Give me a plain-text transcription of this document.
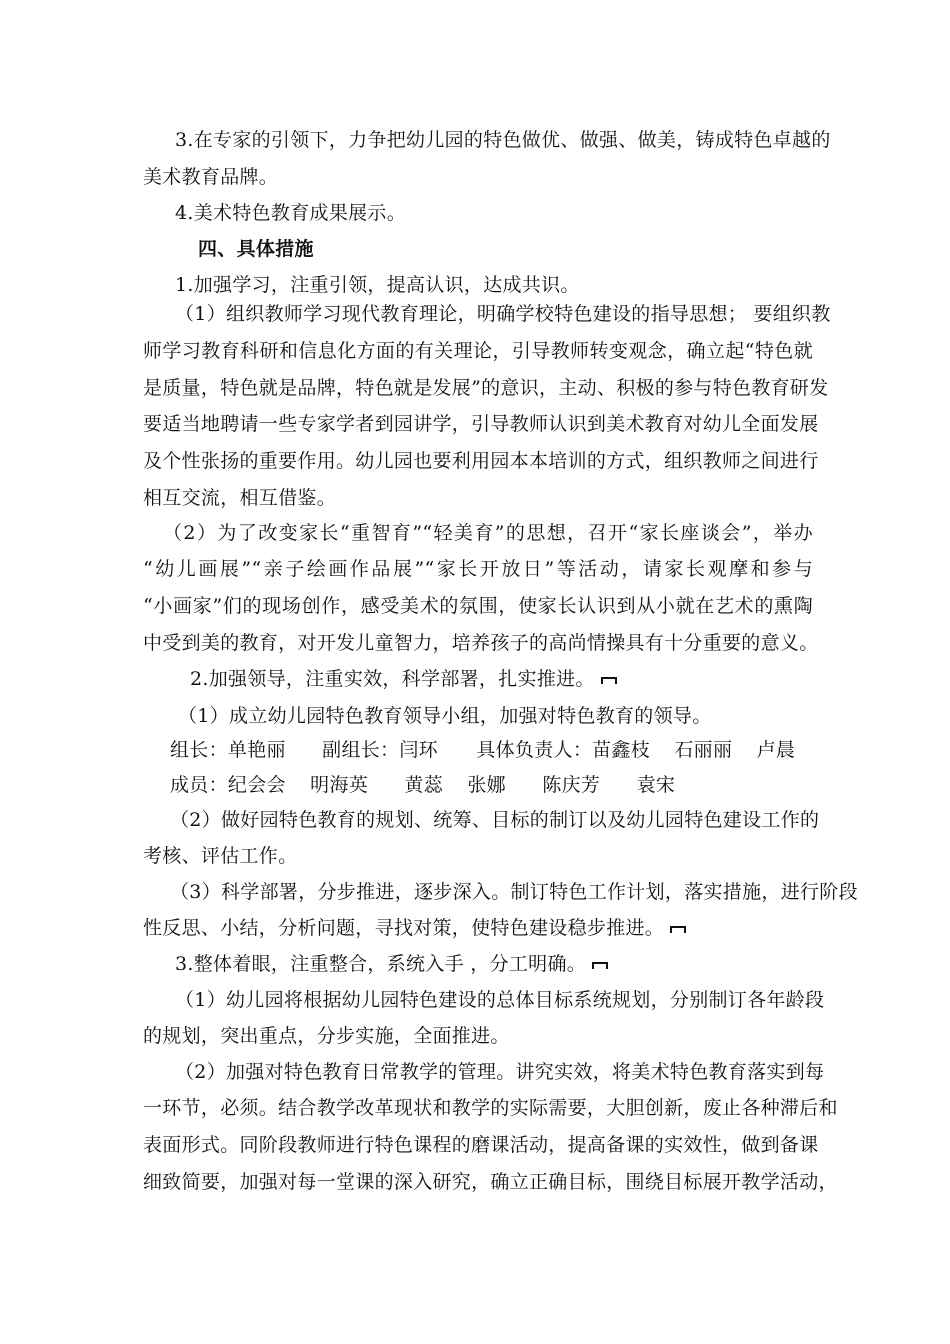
3.在专家的引领下，力争把幼儿园的特色做优、做强、做美，铸成特色卓越的
美术教育品牌。
4.美术特色教育成果展示。
四、具体措施
1.加强学习，注重引领，提高认识，达成共识。
（1）组织教师学习现代教育理论，明确学校特色建设的指导思想； 要组织教
师学习教育科研和信息化方面的有关理论，引导教师转变观念，确立起“特色就
是质量，特色就是品牌，特色就是发展”的意识，主动、积极的参与特色教育研发
要适当地聘请一些专家学者到园讲学，引导教师认识到美术教育对幼儿全面发展
及个性张扬的重要作用。幼儿园也要利用园本本培训的方式，组织教师之间进行
相互交流，相互借鉴。
（2）为了改变家长“重智育”“轻美育”的思想，召开“家长座谈会”，举办
“幼儿画展”“亲子绘画作品展”“家长开放日”等活动，请家长观摩和参与
“小画家”们的现场创作，感受美术的氛围，使家长认识到从小就在艺术的熏陶
中受到美的教育，对开发儿童智力，培养孩子的高尚情操具有十分重要的意义。
2.加强领导，注重实效，科学部署，扎实推进。
（1）成立幼儿园特色教育领导小组，加强对特色教育的领导。
组长：单艳丽 副组长：闫环 具体负责人：苗鑫枝 石丽丽 卢晨
成员：纪会会 明海英 黄蕊 张娜 陈庆芳 袁宋
（2）做好园特色教育的规划、统筹、目标的制订以及幼儿园特色建设工作的
考核、评估工作。
（3）科学部署，分步推进，逐步深入。制订特色工作计划，落实措施，进行阶段
性反思、小结，分析问题，寻找对策，使特色建设稳步推进。
3.整体着眼，注重整合，系统入手 ，分工明确。
（1）幼儿园将根据幼儿园特色建设的总体目标系统规划，分别制订各年龄段
的规划，突出重点，分步实施，全面推进。
（2）加强对特色教育日常教学的管理。讲究实效，将美术特色教育落实到每
一环节，必须。结合教学改革现状和教学的实际需要，大胆创新，废止各种滞后和
表面形式。同阶段教师进行特色课程的磨课活动，提高备课的实效性，做到备课
细致简要，加强对每一堂课的深入研究，确立正确目标，围绕目标展开教学活动，
